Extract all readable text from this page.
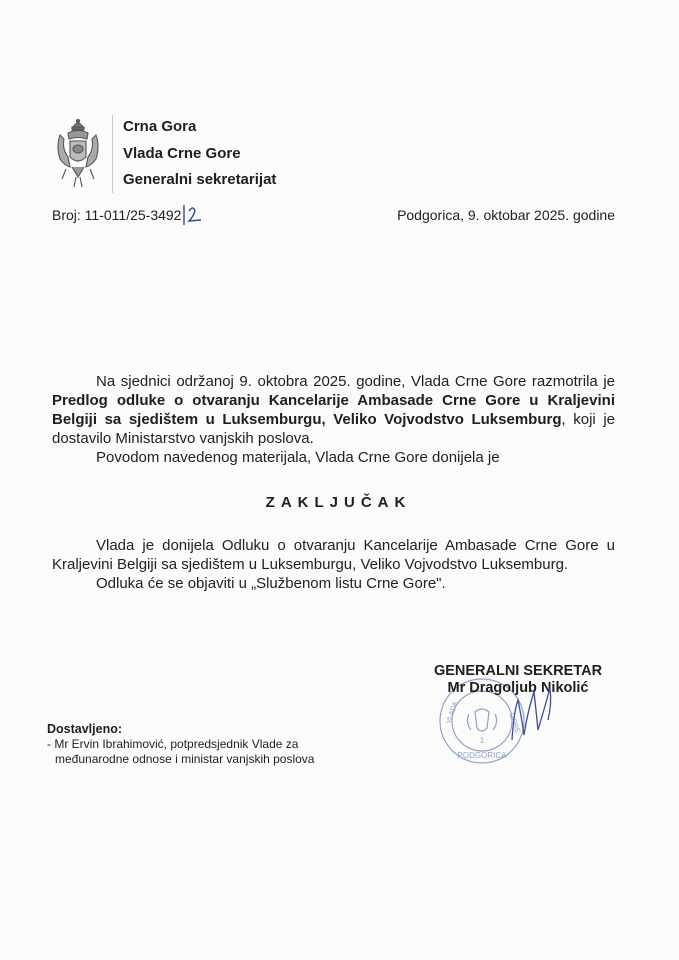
Crna Gora
Vlada Crne Gore
Generalni sekretarijat
Broj: 11-011/25-3492	Podgorica, 9. oktobar 2025. godine

Na sjednici održanoj 9. oktobra 2025. godine, Vlada Crne Gore razmotrila je Predlog odluke o otvaranju Kancelarije Ambasade Crne Gore u Kraljevini Belgiji sa sjedištem u Luksemburgu, Veliko Vojvodstvo Luksemburg, koji je dostavilo Ministarstvo vanjskih poslova.

Povodom navedenog materijala, Vlada Crne Gore donijela je

ZAKLJUČAK

Vlada je donijela Odluku o otvaranju Kancelarije Ambasade Crne Gore u Kraljevini Belgiji sa sjedištem u Luksemburgu, Veliko Vojvodstvo Luksemburg.

Odluka će se objaviti u „Službenom listu Crne Gore".

1
PODGORICA
VLADA	GORE
GENERALNI SEKRETAR
Mr Dragoljub Nikolić
Dostavljeno:
- Mr Ervin Ibrahimović, potpredsjednik Vlade za
međunarodne odnose i ministar vanjskih poslova
